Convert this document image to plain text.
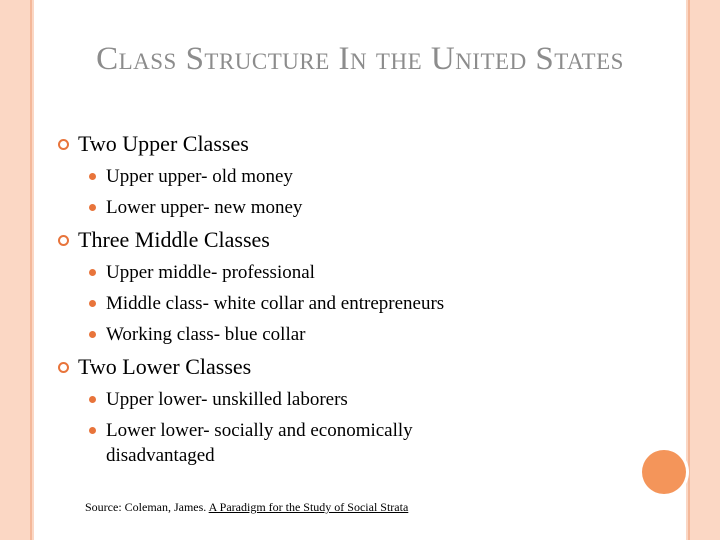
Class Structure In the United States
Two Upper Classes
Upper upper- old money
Lower upper- new money
Three Middle Classes
Upper middle- professional
Middle class- white collar and entrepreneurs
Working class- blue collar
Two Lower Classes
Upper lower- unskilled laborers
Lower lower- socially and economically disadvantaged
Source: Coleman, James. A Paradigm for the Study of Social Strata
